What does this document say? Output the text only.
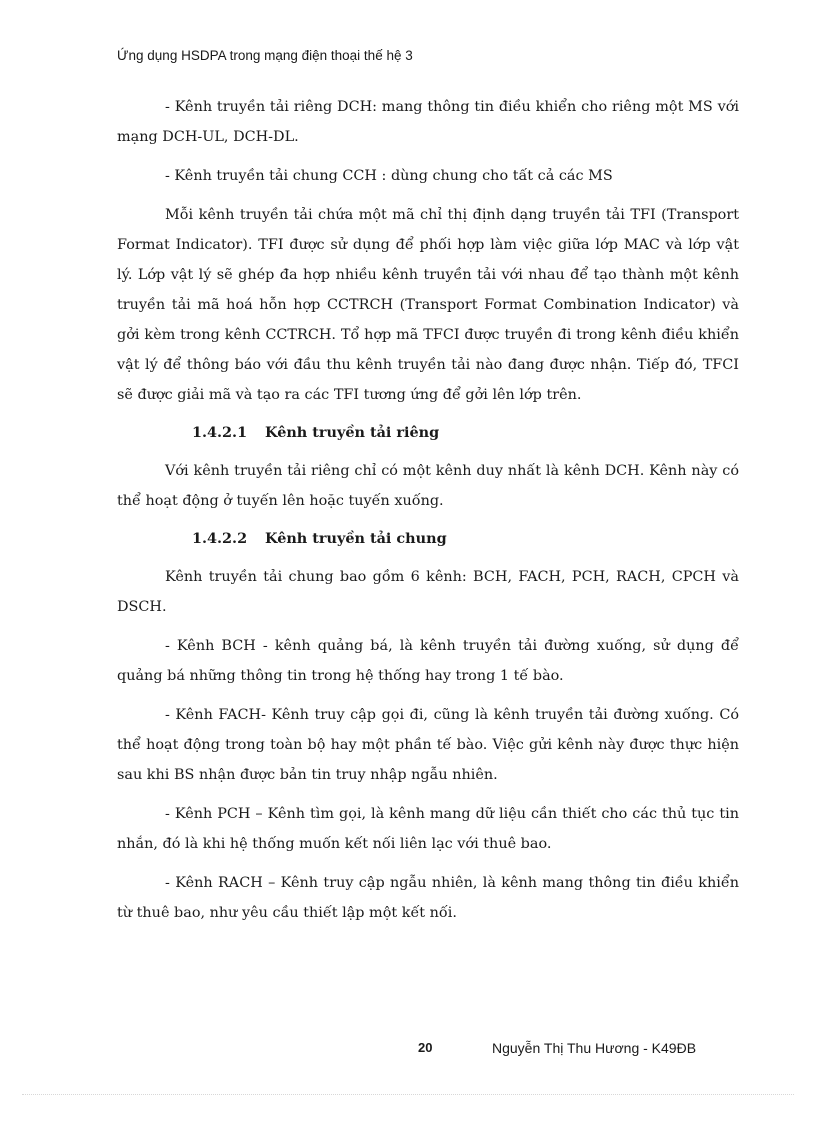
Ứng dụng HSDPA trong mạng điện thoại thế hệ 3

- Kênh truyền tải riêng DCH: mang thông tin điều khiển cho riêng một MS với mạng DCH-UL, DCH-DL.

- Kênh truyền tải chung CCH : dùng chung cho tất cả các MS

Mỗi kênh truyền tải chứa một mã chỉ thị định dạng truyền tải TFI (Transport Format Indicator). TFI được sử dụng để phối hợp làm việc giữa lớp MAC và lớp vật lý. Lớp vật lý sẽ ghép đa hợp nhiều kênh truyền tải với nhau để tạo thành một kênh truyền tải mã hoá hỗn hợp CCTRCH (Transport Format Combination Indicator) và gởi kèm trong kênh CCTRCH. Tổ hợp mã TFCI được truyền đi trong kênh điều khiển vật lý để thông báo với đầu thu kênh truyền tải nào đang được nhận. Tiếp đó, TFCI sẽ được giải mã và tạo ra các TFI tương ứng để gởi lên lớp trên.

1.4.2.1 Kênh truyền tải riêng

Với kênh truyền tải riêng chỉ có một kênh duy nhất là kênh DCH. Kênh này có thể hoạt động ở tuyến lên hoặc tuyến xuống.

1.4.2.2 Kênh truyền tải chung

Kênh truyền tải chung bao gồm 6 kênh: BCH, FACH, PCH, RACH, CPCH và DSCH.

- Kênh BCH - kênh quảng bá, là kênh truyền tải đường xuống, sử dụng để quảng bá những thông tin trong hệ thống hay trong 1 tế bào.

- Kênh FACH- Kênh truy cập gọi đi, cũng là kênh truyền tải đường xuống. Có thể hoạt động trong toàn bộ hay một phần tế bào. Việc gửi kênh này được thực hiện sau khi BS nhận được bản tin truy nhập ngẫu nhiên.

- Kênh PCH – Kênh tìm gọi, là kênh mang dữ liệu cần thiết cho các thủ tục tin nhắn, đó là khi hệ thống muốn kết nối liên lạc với thuê bao.

- Kênh RACH – Kênh truy cập ngẫu nhiên, là kênh mang thông tin điều khiển từ thuê bao, như yêu cầu thiết lập một kết nối.

20	Nguyễn Thị Thu Hương - K49ĐB
